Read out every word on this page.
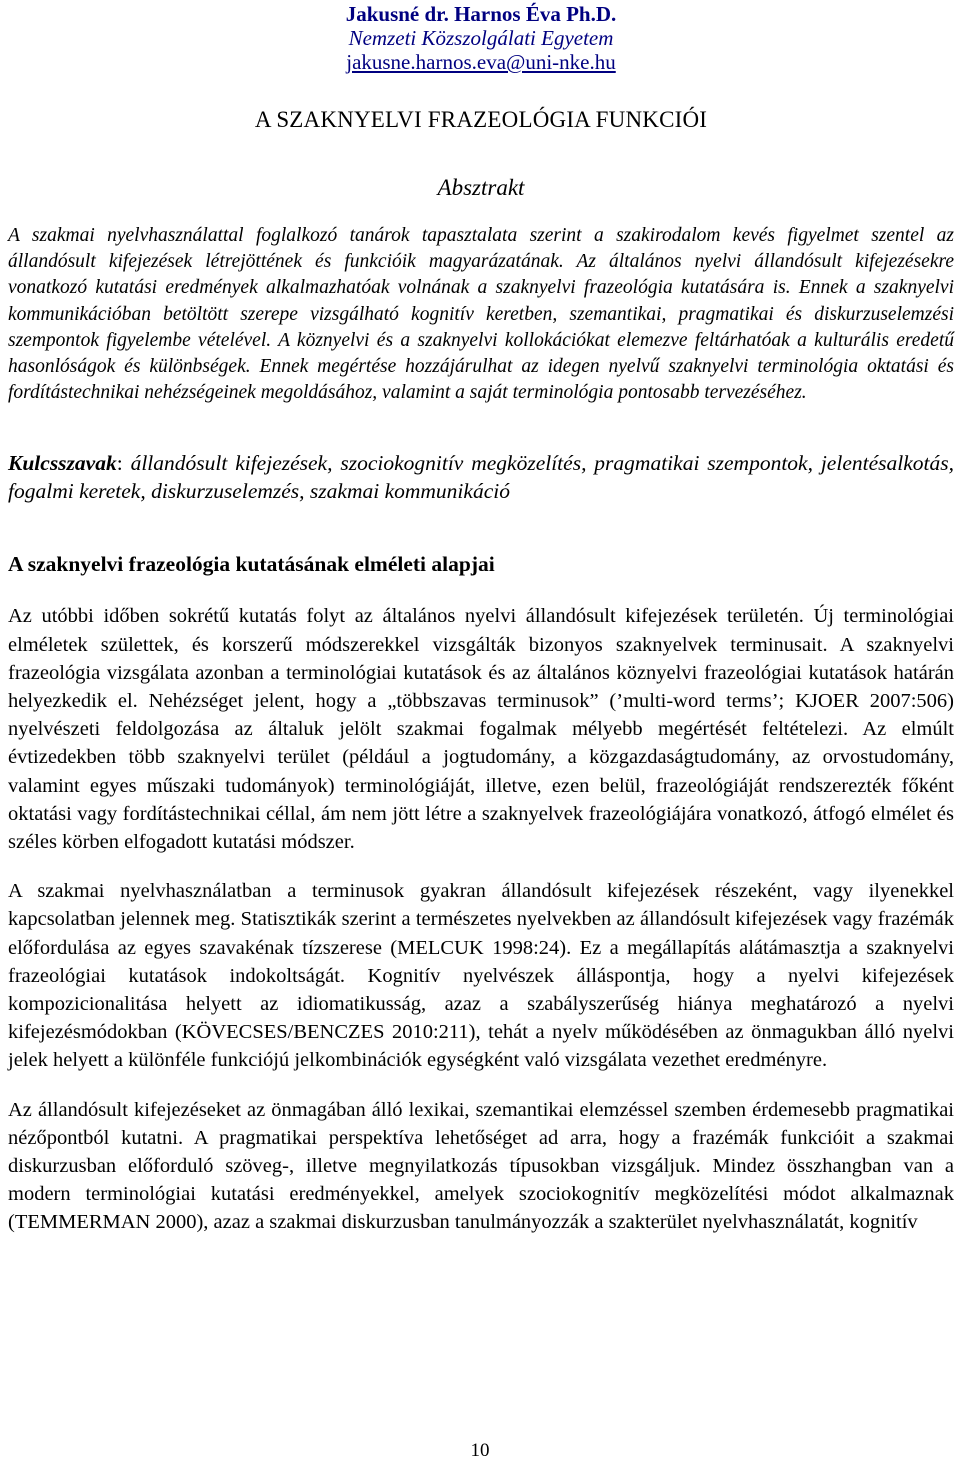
Jakusné dr. Harnos Éva Ph.D.
Nemzeti Közszolgálati Egyetem
jakusne.harnos.eva@uni-nke.hu
A SZAKNYELVI FRAZEOLÓGIA FUNKCIÓI
Absztrakt
A szakmai nyelvhasználattal foglalkozó tanárok tapasztalata szerint a szakirodalom kevés figyelmet szentel az állandósult kifejezések létrejöttének és funkcióik magyarázatának. Az általános nyelvi állandósult kifejezésekre vonatkozó kutatási eredmények alkalmazhatóak volnának a szaknyelvi frazeológia kutatására is. Ennek a szaknyelvi kommunikációban betöltött szerepe vizsgálható kognitív keretben, szemantikai, pragmatikai és diskurzuselemzési szempontok figyelembe vételével. A köznyelvi és a szaknyelvi kollokációkat elemezve feltárhatóak a kulturális eredetű hasonlóságok és különbségek. Ennek megértése hozzájárulhat az idegen nyelvű szaknyelvi terminológia oktatási és fordítástechnikai nehézségeinek megoldásához, valamint a saját terminológia pontosabb tervezéséhez.
Kulcsszavak: állandósult kifejezések, szociokognitív megközelítés, pragmatikai szempontok, jelentésalkotás, fogalmi keretek, diskurzuselemzés, szakmai kommunikáció
A szaknyelvi frazeológia kutatásának elméleti alapjai
Az utóbbi időben sokrétű kutatás folyt az általános nyelvi állandósult kifejezések területén. Új terminológiai elméletek születtek, és korszerű módszerekkel vizsgálták bizonyos szaknyelvek terminusait. A szaknyelvi frazeológia vizsgálata azonban a terminológiai kutatások és az általános köznyelvi frazeológiai kutatások határán helyezkedik el. Nehézséget jelent, hogy a „többszavas terminusok” (’multi-word terms’; KJOER 2007:506) nyelvészeti feldolgozása az általuk jelölt szakmai fogalmak mélyebb megértését feltételezi. Az elmúlt évtizedekben több szaknyelvi terület (például a jogtudomány, a közgazdaságtudomány, az orvostudomány, valamint egyes műszaki tudományok) terminológiáját, illetve, ezen belül, frazeológiáját rendszerezték főként oktatási vagy fordítástechnikai céllal, ám nem jött létre a szaknyelvek frazeológiájára vonatkozó, átfogó elmélet és széles körben elfogadott kutatási módszer.
A szakmai nyelvhasználatban a terminusok gyakran állandósult kifejezések részeként, vagy ilyenekkel kapcsolatban jelennek meg. Statisztikák szerint a természetes nyelvekben az állandósult kifejezések vagy frazémák előfordulása az egyes szavakénak tízszerese (MELCUK 1998:24). Ez a megállapítás alátámasztja a szaknyelvi frazeológiai kutatások indokoltságát. Kognitív nyelvészek álláspontja, hogy a nyelvi kifejezések kompozicionalitása helyett az idiomatikusság, azaz a szabályszerűség hiánya meghatározó a nyelvi kifejezésmódokban (KÖVECSES/BENCZES 2010:211), tehát a nyelv működésében az önmagukban álló nyelvi jelek helyett a különféle funkciójú jelkombinációk egységként való vizsgálata vezethet eredményre.
Az állandósult kifejezéseket az önmagában álló lexikai, szemantikai elemzéssel szemben érdemesebb pragmatikai nézőpontból kutatni. A pragmatikai perspektíva lehetőséget ad arra, hogy a frazémák funkcióit a szakmai diskurzusban előforduló szöveg-, illetve megnyilatkozás típusokban vizsgáljuk. Mindez összhangban van a modern terminológiai kutatási eredményekkel, amelyek szociokognitív megközelítési módot alkalmaznak (TEMMERMAN 2000), azaz a szakmai diskurzusban tanulmányozzák a szakterület nyelvhasználatát, kognitív
10
